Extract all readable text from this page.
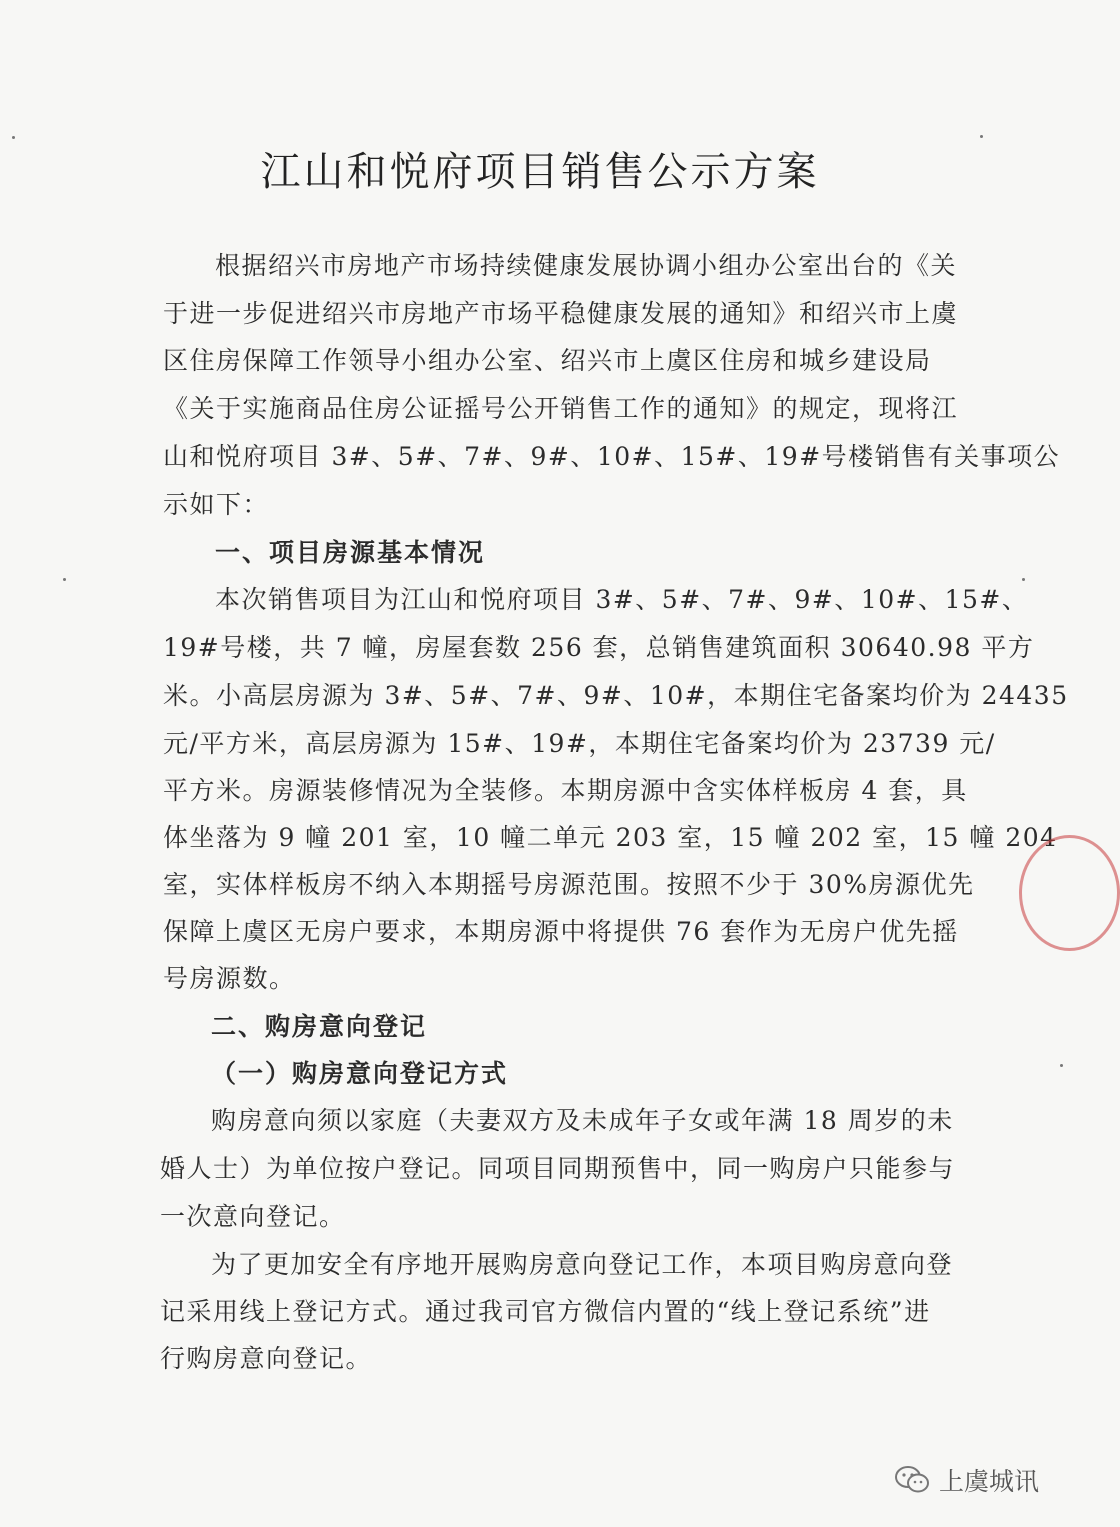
江山和悦府项目销售公示方案
根据绍兴市房地产市场持续健康发展协调小组办公室出台的《关
于进一步促进绍兴市房地产市场平稳健康发展的通知》和绍兴市上虞
区住房保障工作领导小组办公室、绍兴市上虞区住房和城乡建设局
《关于实施商品住房公证摇号公开销售工作的通知》的规定，现将江
山和悦府项目 3#、5#、7#、9#、10#、15#、19#号楼销售有关事项公
示如下：
一、项目房源基本情况
本次销售项目为江山和悦府项目 3#、5#、7#、9#、10#、15#、
19#号楼，共 7 幢，房屋套数 256 套，总销售建筑面积 30640.98 平方
米。小高层房源为 3#、5#、7#、9#、10#，本期住宅备案均价为 24435
元/平方米，高层房源为 15#、19#，本期住宅备案均价为 23739 元/
平方米。房源装修情况为全装修。本期房源中含实体样板房 4 套，具
体坐落为 9 幢 201 室，10 幢二单元 203 室，15 幢 202 室，15 幢 204
室，实体样板房不纳入本期摇号房源范围。按照不少于 30%房源优先
保障上虞区无房户要求，本期房源中将提供 76 套作为无房户优先摇
号房源数。
二、购房意向登记
（一）购房意向登记方式
购房意向须以家庭（夫妻双方及未成年子女或年满 18 周岁的未
婚人士）为单位按户登记。同项目同期预售中，同一购房户只能参与
一次意向登记。
为了更加安全有序地开展购房意向登记工作，本项目购房意向登
记采用线上登记方式。通过我司官方微信内置的“线上登记系统”进
行购房意向登记。
上虞城讯
